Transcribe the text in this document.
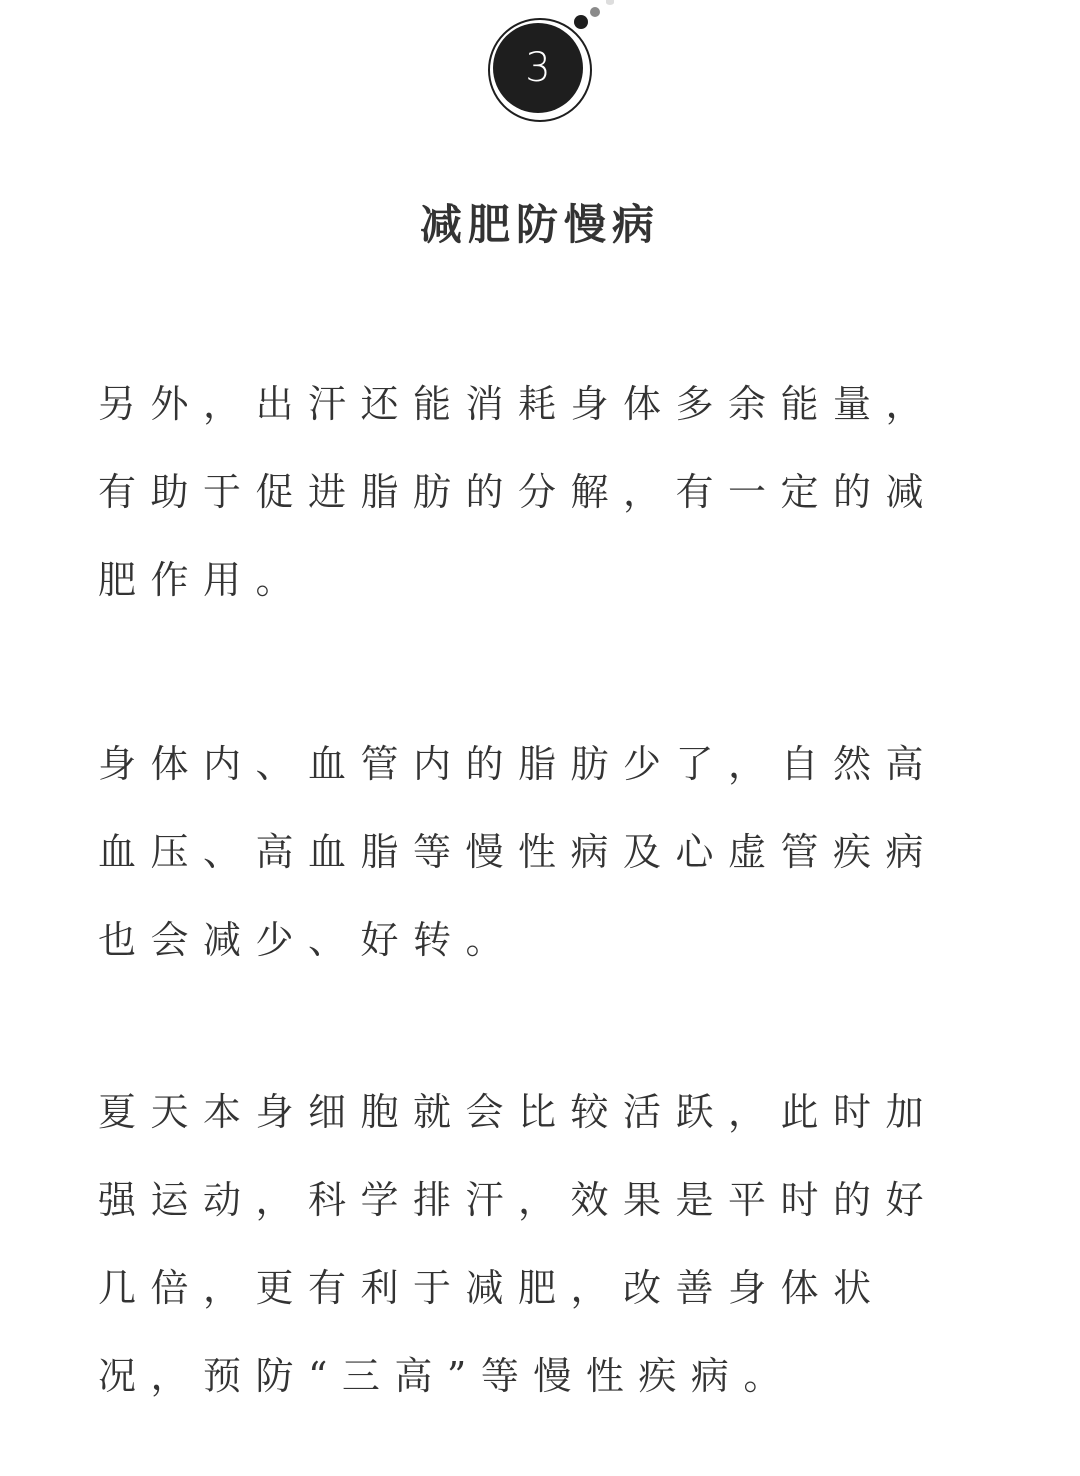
3
减肥防慢病
另外，出汗还能消耗身体多余能量，
有助于促进脂肪的分解，有一定的减
肥作用。
身体内、血管内的脂肪少了，自然高
血压、高血脂等慢性病及心虚管疾病
也会减少、好转。
夏天本身细胞就会比较活跃，此时加
强运动，科学排汗，效果是平时的好
几倍，更有利于减肥，改善身体状
况，预防“三高”等慢性疾病。
